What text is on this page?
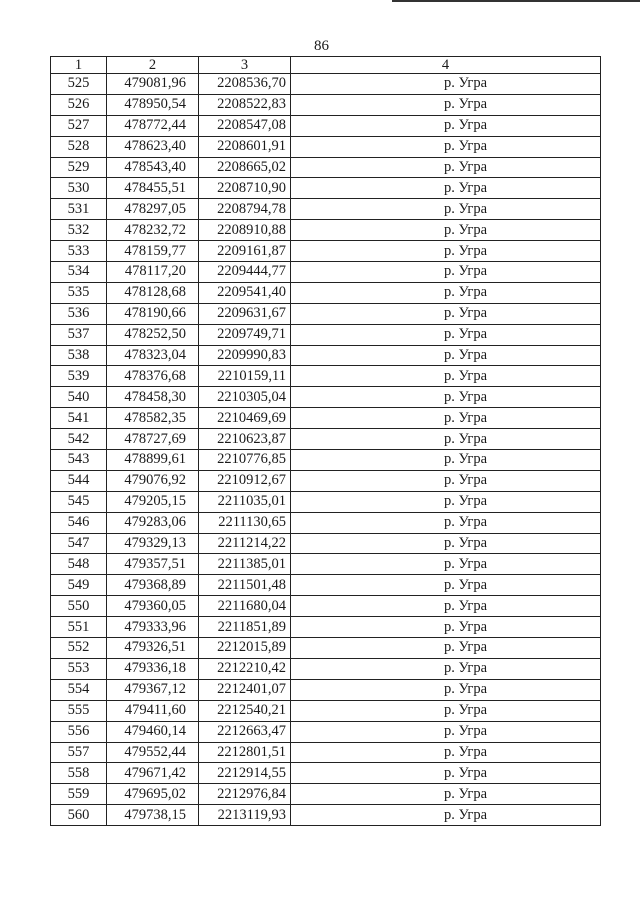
86
1	2	3	4
525	479081,96	2208536,70	р. Угра
526	478950,54	2208522,83	р. Угра
527	478772,44	2208547,08	р. Угра
528	478623,40	2208601,91	р. Угра
529	478543,40	2208665,02	р. Угра
530	478455,51	2208710,90	р. Угра
531	478297,05	2208794,78	р. Угра
532	478232,72	2208910,88	р. Угра
533	478159,77	2209161,87	р. Угра
534	478117,20	2209444,77	р. Угра
535	478128,68	2209541,40	р. Угра
536	478190,66	2209631,67	р. Угра
537	478252,50	2209749,71	р. Угра
538	478323,04	2209990,83	р. Угра
539	478376,68	2210159,11	р. Угра
540	478458,30	2210305,04	р. Угра
541	478582,35	2210469,69	р. Угра
542	478727,69	2210623,87	р. Угра
543	478899,61	2210776,85	р. Угра
544	479076,92	2210912,67	р. Угра
545	479205,15	2211035,01	р. Угра
546	479283,06	2211130,65	р. Угра
547	479329,13	2211214,22	р. Угра
548	479357,51	2211385,01	р. Угра
549	479368,89	2211501,48	р. Угра
550	479360,05	2211680,04	р. Угра
551	479333,96	2211851,89	р. Угра
552	479326,51	2212015,89	р. Угра
553	479336,18	2212210,42	р. Угра
554	479367,12	2212401,07	р. Угра
555	479411,60	2212540,21	р. Угра
556	479460,14	2212663,47	р. Угра
557	479552,44	2212801,51	р. Угра
558	479671,42	2212914,55	р. Угра
559	479695,02	2212976,84	р. Угра
560	479738,15	2213119,93	р. Угра
